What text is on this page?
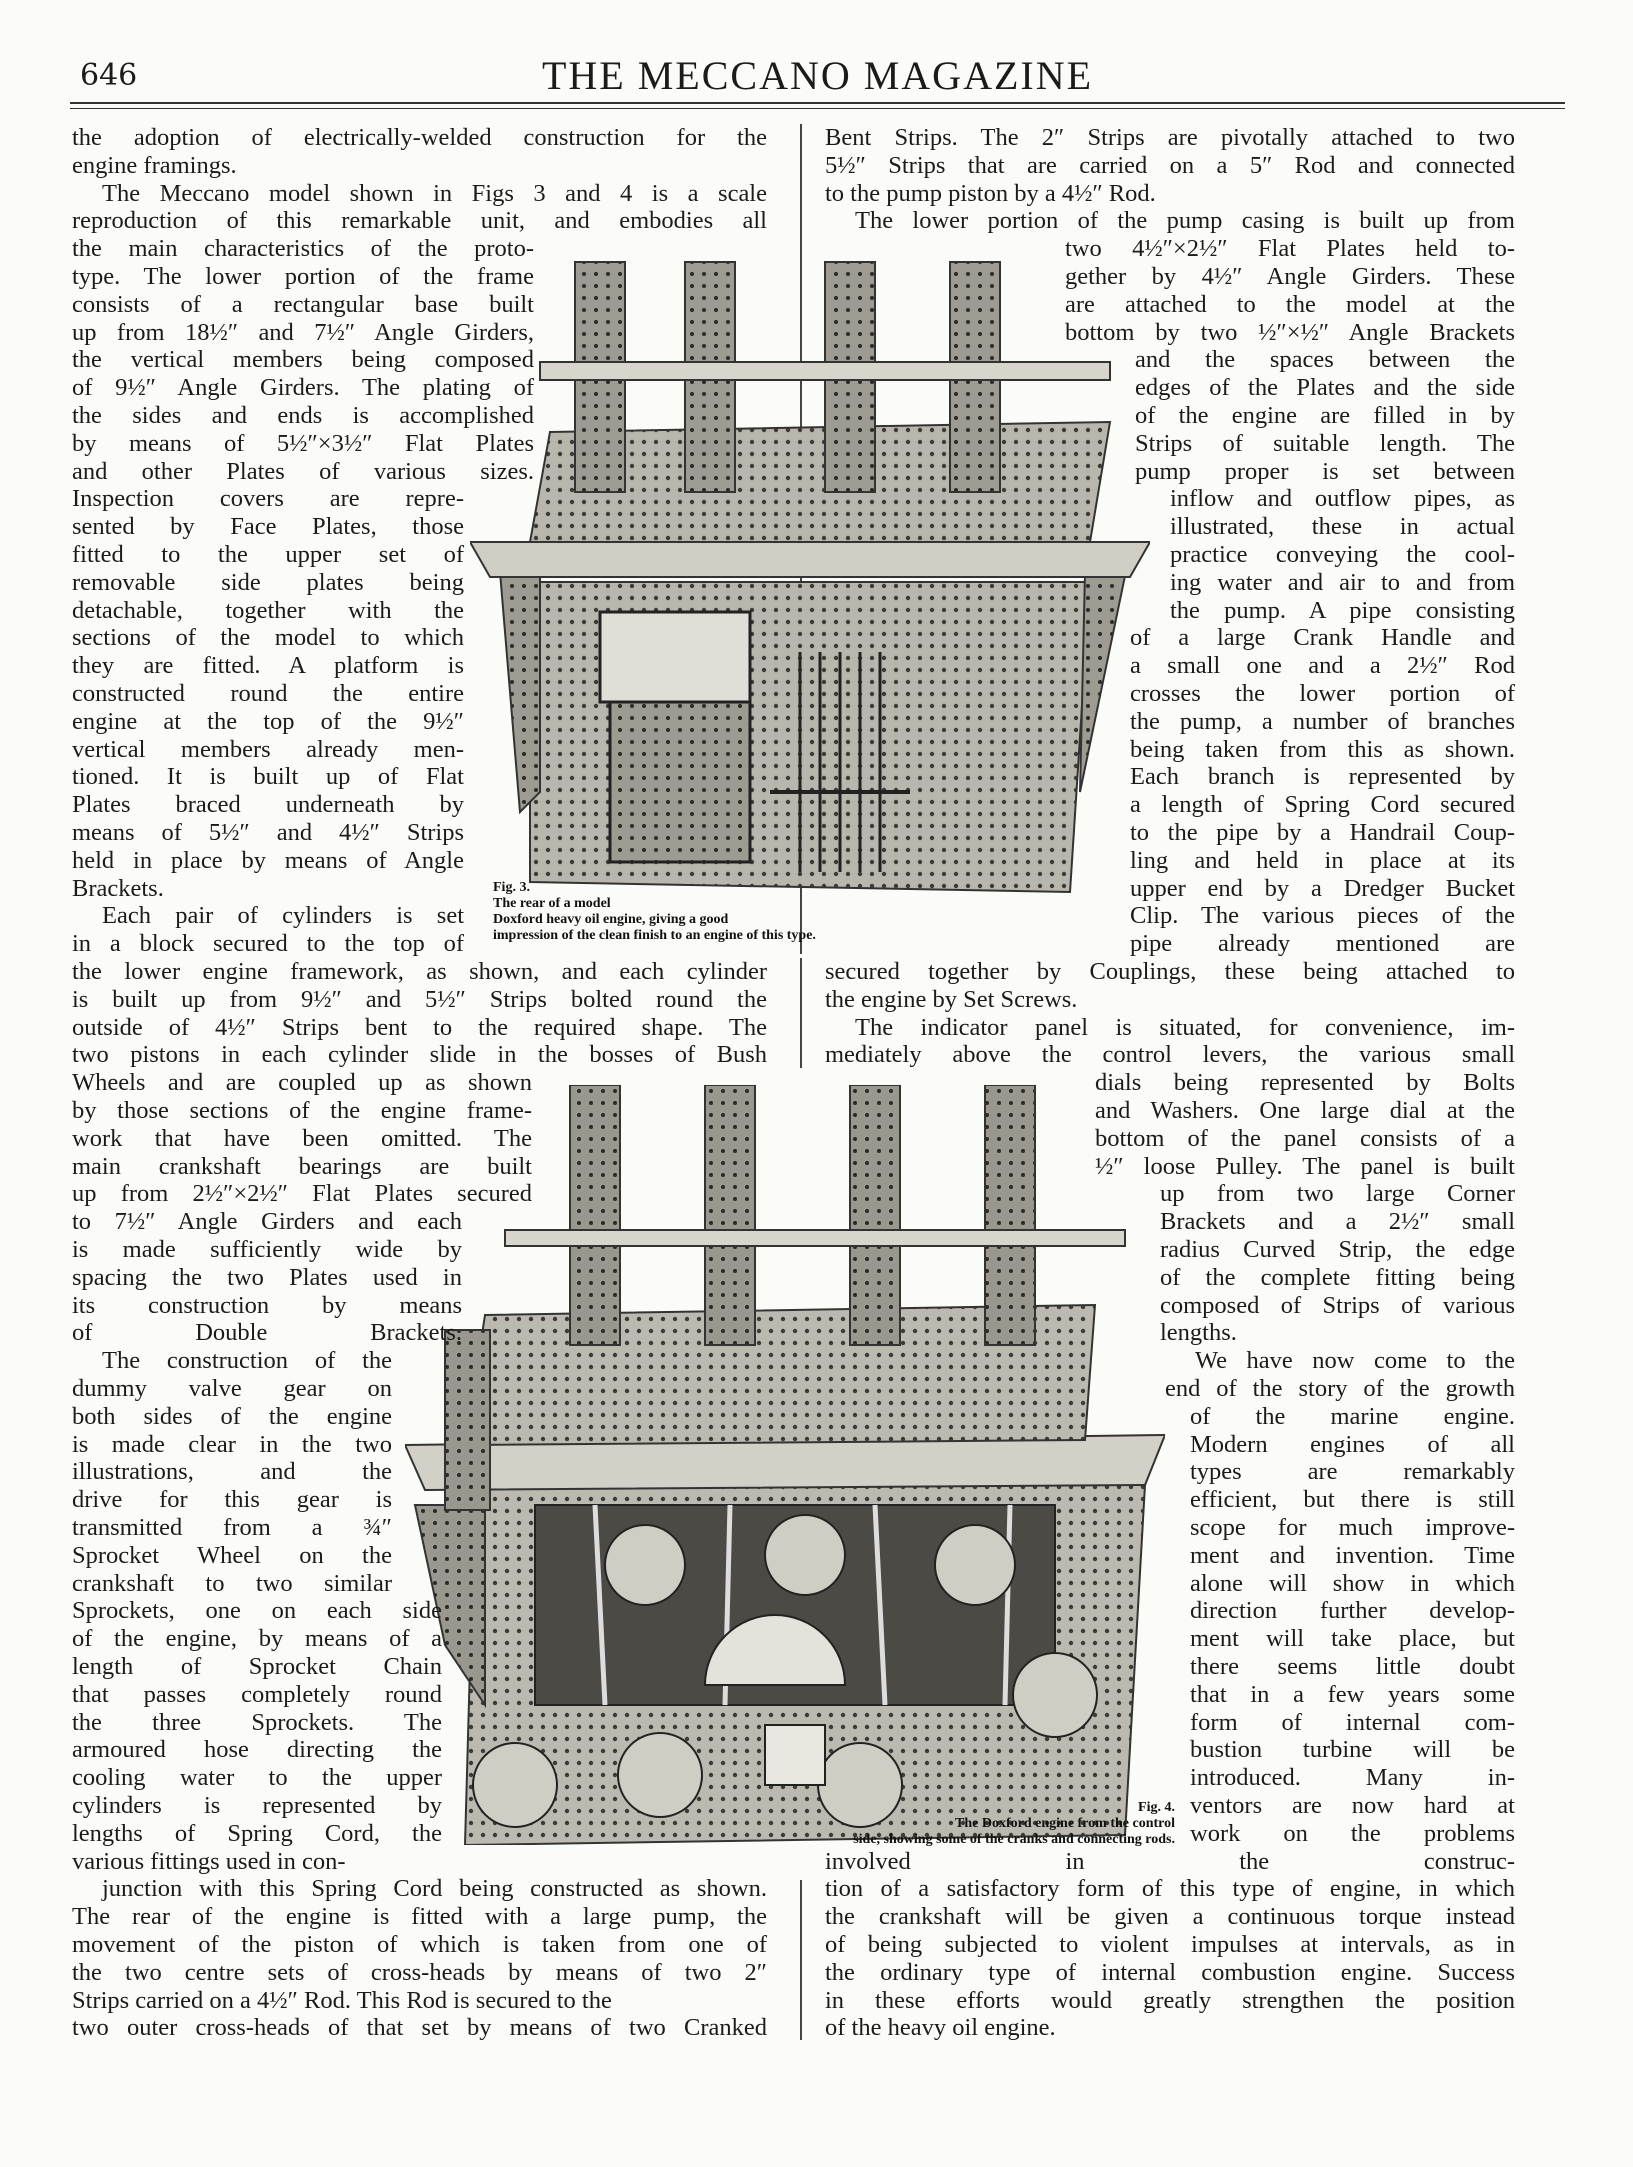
646	THE MECCANO MAGAZINE
Fig. 3.
The rear of a model
Doxford heavy oil engine, giving a good
impression of the clean finish to an engine of this type.
Fig. 4.
The Doxford engine from the control
side, showing some of the cranks and connecting rods.
the adoption of electrically-welded construction for the
engine framings.
The Meccano model shown in Figs 3 and 4 is a scale
reproduction of this remarkable unit, and embodies all
the main characteristics of the proto-
type. The lower portion of the frame
consists of a rectangular base built
up from 18½″ and 7½″ Angle Girders,
the vertical members being composed
of 9½″ Angle Girders. The plating of
the sides and ends is accomplished
by means of 5½″×3½″ Flat Plates
and other Plates of various sizes.
Inspection covers are repre-
sented by Face Plates, those
fitted to the upper set of
removable side plates being
detachable, together with the
sections of the model to which
they are fitted. A platform is
constructed round the entire
engine at the top of the 9½″
vertical members already men-
tioned. It is built up of Flat
Plates braced underneath by
means of 5½″ and 4½″ Strips
held in place by means of Angle
Brackets.
Each pair of cylinders is set
in a block secured to the top of
the lower engine framework, as shown, and each cylinder
is built up from 9½″ and 5½″ Strips bolted round the
outside of 4½″ Strips bent to the required shape. The
two pistons in each cylinder slide in the bosses of Bush
Wheels and are coupled up as shown
by those sections of the engine frame-
work that have been omitted. The
main crankshaft bearings are built
up from 2½″×2½″ Flat Plates secured
to 7½″ Angle Girders and each
is made sufficiently wide by
spacing the two Plates used in
its construction by means
of Double Brackets.
The construction of the
dummy valve gear on
both sides of the engine
is made clear in the two
illustrations, and the
drive for this gear is
transmitted from a ¾″
Sprocket Wheel on the
crankshaft to two similar
Sprockets, one on each side
of the engine, by means of a
length of Sprocket Chain
that passes completely round
the three Sprockets. The
armoured hose directing the
cooling water to the upper
cylinders is represented by
lengths of Spring Cord, the
various fittings used in con-
junction with this Spring Cord being constructed as shown.
The rear of the engine is fitted with a large pump, the
movement of the piston of which is taken from one of
the two centre sets of cross-heads by means of two 2″
Strips carried on a 4½″ Rod. This Rod is secured to the
two outer cross-heads of that set by means of two Cranked
Bent Strips. The 2″ Strips are pivotally attached to two
5½″ Strips that are carried on a 5″ Rod and connected
to the pump piston by a 4½″ Rod.
The lower portion of the pump casing is built up from
two 4½″×2½″ Flat Plates held to-
gether by 4½″ Angle Girders. These
are attached to the model at the
bottom by two ½″×½″ Angle Brackets
and the spaces between the
edges of the Plates and the side
of the engine are filled in by
Strips of suitable length. The
pump proper is set between
inflow and outflow pipes, as
illustrated, these in actual
practice conveying the cool-
ing water and air to and from
the pump. A pipe consisting
of a large Crank Handle and
a small one and a 2½″ Rod
crosses the lower portion of
the pump, a number of branches
being taken from this as shown.
Each branch is represented by
a length of Spring Cord secured
to the pipe by a Handrail Coup-
ling and held in place at its
upper end by a Dredger Bucket
Clip. The various pieces of the
pipe already mentioned are
secured together by Couplings, these being attached to
the engine by Set Screws.
The indicator panel is situated, for convenience, im-
mediately above the control levers, the various small
dials being represented by Bolts
and Washers. One large dial at the
bottom of the panel consists of a
½″ loose Pulley. The panel is built
up from two large Corner
Brackets and a 2½″ small
radius Curved Strip, the edge
of the complete fitting being
composed of Strips of various
lengths.
We have now come to the
end of the story of the growth
of the marine engine.
Modern engines of all
types are remarkably
efficient, but there is still
scope for much improve-
ment and invention. Time
alone will show in which
direction further develop-
ment will take place, but
there seems little doubt
that in a few years some
form of internal com-
bustion turbine will be
introduced. Many in-
ventors are now hard at
work on the problems
involved in the construc-
tion of a satisfactory form of this type of engine, in which
the crankshaft will be given a continuous torque instead
of being subjected to violent impulses at intervals, as in
the ordinary type of internal combustion engine. Success
in these efforts would greatly strengthen the position
of the heavy oil engine.
